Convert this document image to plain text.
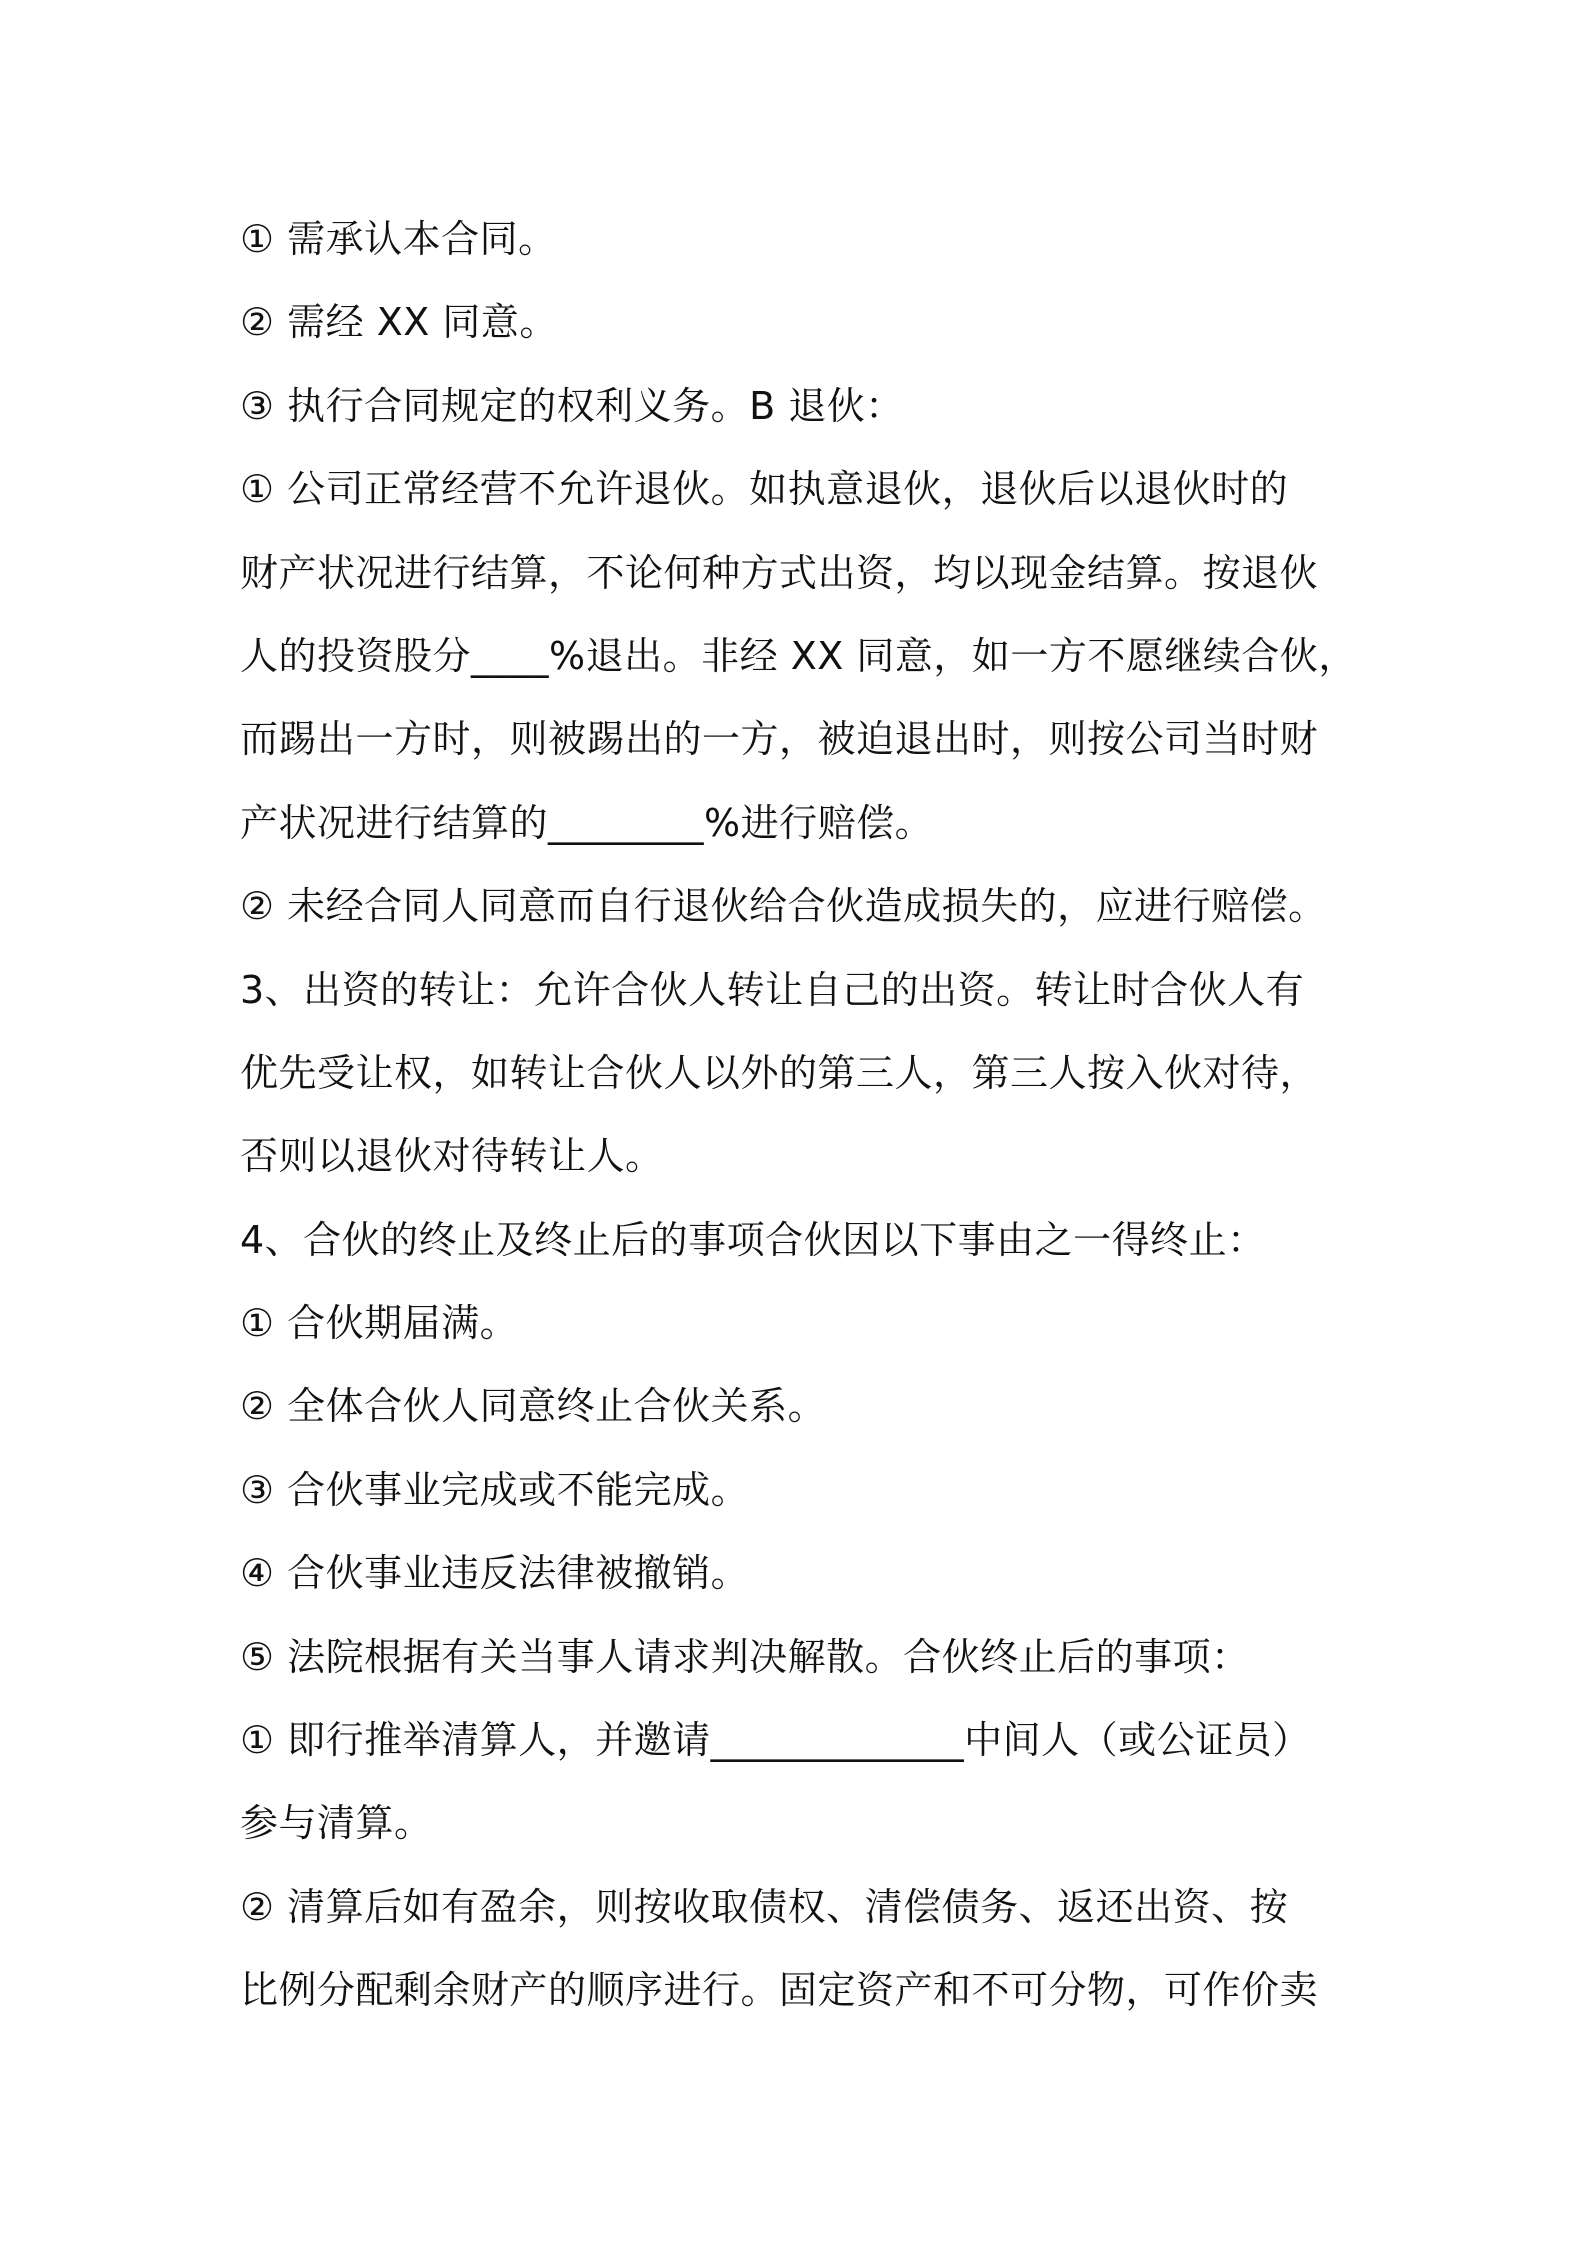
① 需承认本合同。
② 需经 XX 同意。
③ 执行合同规定的权利义务。B 退伙：
① 公司正常经营不允许退伙。如执意退伙，退伙后以退伙时的
财产状况进行结算，不论何种方式出资，均以现金结算。按退伙
人的投资股分____%退出。非经 XX 同意，如一方不愿继续合伙，
而踢出一方时，则被踢出的一方，被迫退出时，则按公司当时财
产状况进行结算的________%进行赔偿。
② 未经合同人同意而自行退伙给合伙造成损失的，应进行赔偿。
3、出资的转让：允许合伙人转让自己的出资。转让时合伙人有
优先受让权，如转让合伙人以外的第三人，第三人按入伙对待，
否则以退伙对待转让人。
4、合伙的终止及终止后的事项合伙因以下事由之一得终止：
① 合伙期届满。
② 全体合伙人同意终止合伙关系。
③ 合伙事业完成或不能完成。
④ 合伙事业违反法律被撤销。
⑤ 法院根据有关当事人请求判决解散。合伙终止后的事项：
① 即行推举清算人，并邀请_____________中间人（或公证员）
参与清算。
② 清算后如有盈余，则按收取债权、清偿债务、返还出资、按
比例分配剩余财产的顺序进行。固定资产和不可分物，可作价卖
